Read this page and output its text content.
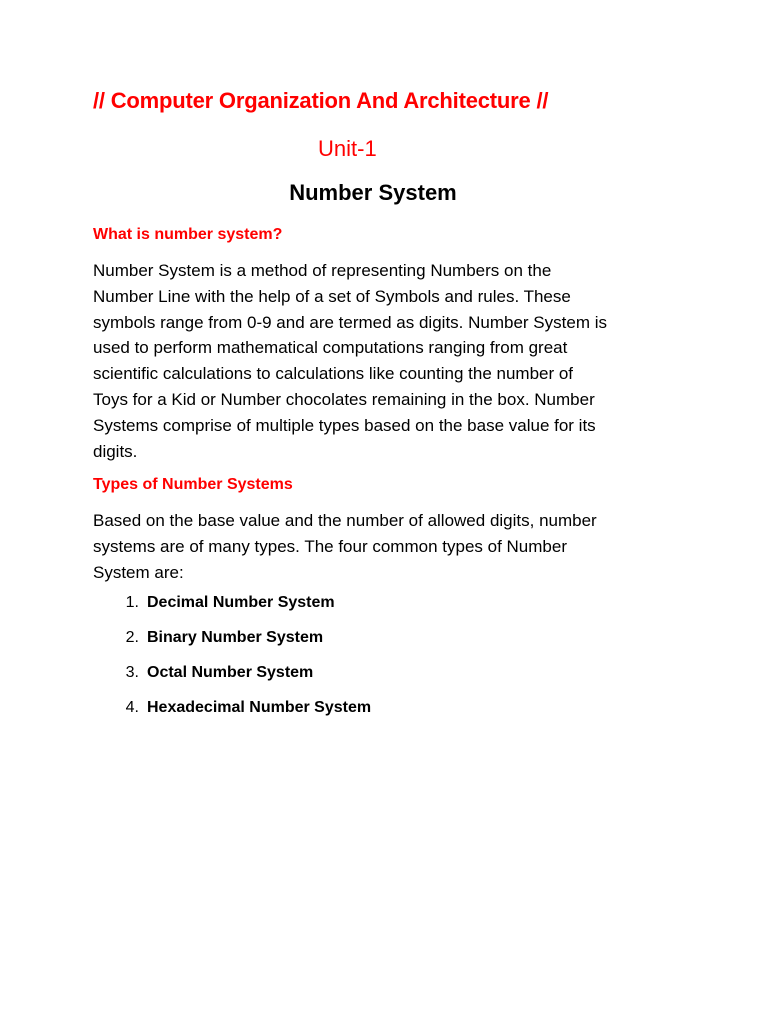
// Computer Organization And Architecture //
Unit-1
Number System
What is number system?

Number System is a method of representing Numbers on the
Number Line with the help of a set of Symbols and rules. These
symbols range from 0-9 and are termed as digits. Number System is
used to perform mathematical computations ranging from great
scientific calculations to calculations like counting the number of
Toys for a Kid or Number chocolates remaining in the box. Number
Systems comprise of multiple types based on the base value for its
digits.

Types of Number Systems

Based on the base value and the number of allowed digits, number
systems are of many types. The four common types of Number
System are:

1. Decimal Number System
2. Binary Number System
3. Octal Number System
4. Hexadecimal Number System
